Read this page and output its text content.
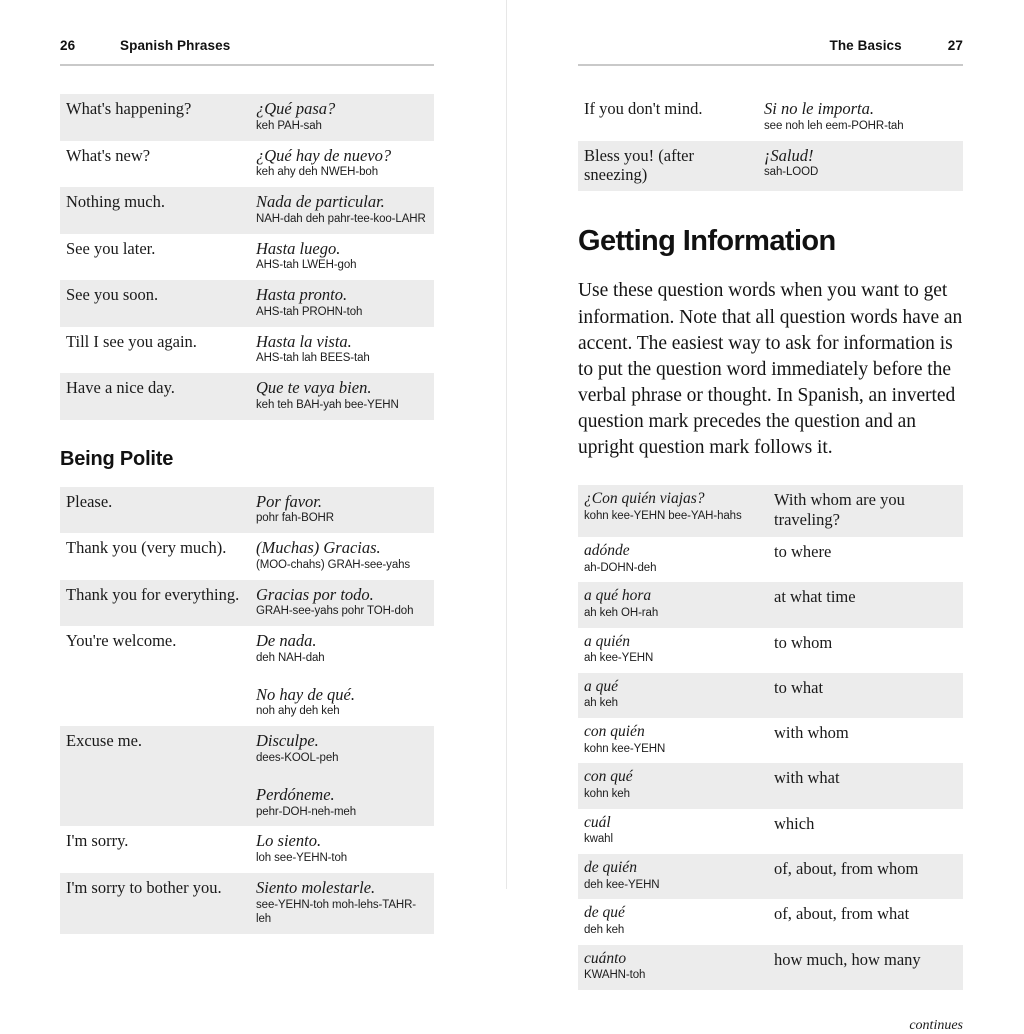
26	Spanish Phrases
What's happening?	¿Qué pasa?
keh PAH-sah

What's new?	¿Qué hay de nuevo?
keh ahy deh NWEH-boh

Nothing much.	Nada de particular.
NAH-dah deh pahr-tee-koo-LAHR

See you later.	Hasta luego.
AHS-tah LWEH-goh

See you soon.	Hasta pronto.
AHS-tah PROHN-toh

Till I see you again.	Hasta la vista.
AHS-tah lah BEES-tah

Have a nice day.	Que te vaya bien.
keh teh BAH-yah bee-YEHN
Being Polite
Please.	Por favor.
pohr fah-BOHR

Thank you (very much).	(Muchas) Gracias.
(MOO-chahs) GRAH-see-yahs

Thank you for everything.	Gracias por todo.
GRAH-see-yahs pohr TOH-doh

You're welcome.	De nada.
deh NAH-dah
No hay de qué.
noh ahy deh keh

Excuse me.	Disculpe.
dees-KOOL-peh
Perdóneme.
pehr-DOH-neh-meh

I'm sorry.	Lo siento.
loh see-YEHN-toh

I'm sorry to bother you.	Siento molestarle.
see-YEHN-toh moh-lehs-TAHR-leh
The Basics	27
If you don't mind.	Si no le importa.
see noh leh eem-POHR-tah

Bless you! (after sneezing)	¡Salud!
sah-LOOD
Getting Information

Use these question words when you want to get information. Note that all question words have an accent. The easiest way to ask for information is to put the question word immediately before the verbal phrase or thought. In Spanish, an inverted question mark precedes the question and an upright question mark follows it.

¿Con quién viajas?
kohn kee-YEHN bee-YAH-hahs	With whom are you traveling?

adónde
ah-DOHN-deh	to where

a qué hora
ah keh OH-rah	at what time

a quién
ah kee-YEHN	to whom

a qué
ah keh	to what

con quién
kohn kee-YEHN	with whom

con qué
kohn keh	with what

cuál
kwahl	which

de quién
deh kee-YEHN	of, about, from whom

de qué
deh keh	of, about, from what

cuánto
KWAHN-toh	how much, how many
continues
